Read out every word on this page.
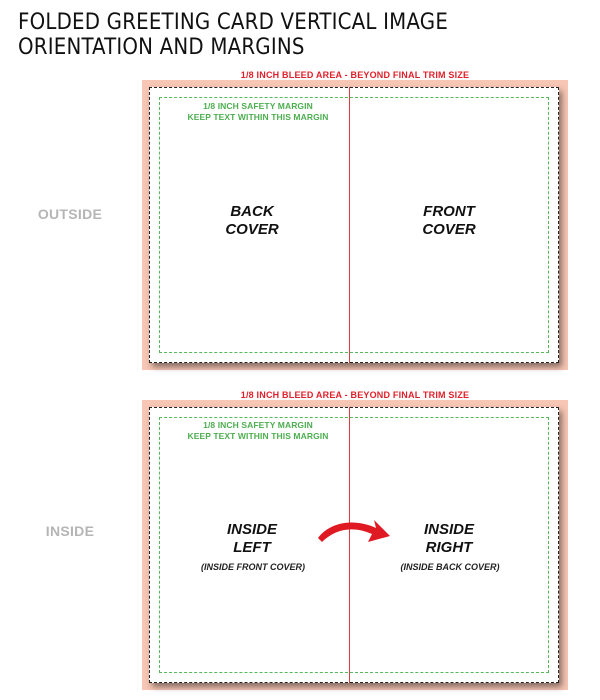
FOLDED GREETING CARD VERTICAL IMAGE ORIENTATION AND MARGINS
OUTSIDE
1/8 INCH BLEED AREA - BEYOND FINAL TRIM SIZE
1/8 INCH SAFETY MARGIN
KEEP TEXT WITHIN THIS MARGIN
BACK
COVER
FRONT
COVER
INSIDE
1/8 INCH BLEED AREA - BEYOND FINAL TRIM SIZE
1/8 INCH SAFETY MARGIN
KEEP TEXT WITHIN THIS MARGIN
INSIDE
LEFT
(INSIDE FRONT COVER)
INSIDE
RIGHT
(INSIDE BACK COVER)
